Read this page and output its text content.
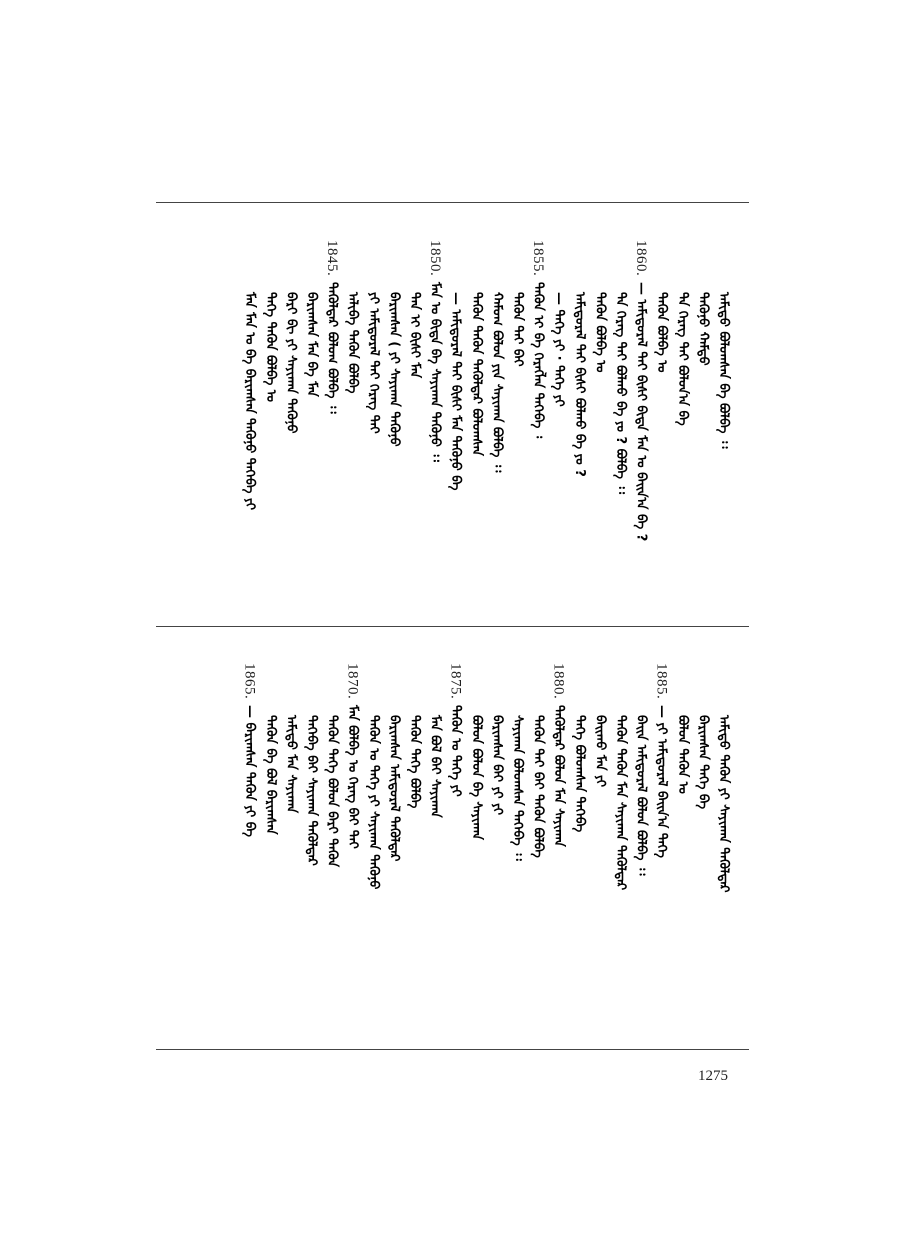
ᠠᠮᠢᠳᠤ ᠪᠣᠯᠣᠭᠰᠠᠨ ᠪᠠ ᠪᠣᠯᠪᠠ ᠄᠄
ᠲᠡᠭᠦᠨᠦ ᠬᠠᠮᠲᠤ
ᠲᠡ ᠬᠡᠷᠡᠭ ᠲᠠᠢ ᠪᠣᠯᠤᠨ᠎ᠠ ᠪᠠ
ᠲᠡᠭᠦᠨ ᠪᠣᠯᠪᠠ ᠤ
1860.
— ᠠᠮᠢᠳᠤᠷᠠᠯ ᠲᠡᠢ ᠪᠢᠰᠢ ᠪᠢᠳᠡ ᠮᠠᠨ ᠤ ᠪᠠᠢᠨ᠎ᠠ ᠪᠠ ?
ᠲᠡ ᠬᠡᠷᠡᠭ ᠲᠠᠢ ᠪᠣᠯᠬᠤ ᠪᠠ ᠶᠤ ? ᠪᠣᠯᠪᠠ ᠄᠄
ᠲᠡᠭᠦᠨ ᠪᠣᠯᠪᠠ ᠤ
ᠠᠮᠢᠳᠤᠷᠠᠯ ᠲᠡᠢ ᠪᠢᠰᠢ ᠪᠣᠯᠬᠤ ᠪᠠ ᠶᠤ ?
— ᠲᠡᠭᠡ ᠶᠢ · ᠲᠡᠭᠡ ᠶᠢ
1855.
ᠲᠡᠭᠦᠨ ᠢ ᠪᠠ ᠬᠡᠷᠡᠭᠯᠡᠨ ᠲᠡᠭᠡᠪᠡ ᠄
ᠲᠡᠭᠦᠨ ᠲᠡᠢ ᠪᠠᠢ
ᠬᠠᠮᠤᠭ ᠪᠣᠯᠣᠨ ᠶᠢᠨ ᠰᠠᠶᠢᠬᠠᠨ ᠪᠣᠯᠪᠠ ᠄᠄
ᠲᠡᠭᠦᠨ ᠲᠡᠭᠦᠨ ᠲᠡᠭᠦᠯᠳᠡᠷ ᠪᠣᠯᠣᠭᠰᠠᠨ
— ᠠᠮᠢᠳᠤᠷᠠᠯ ᠲᠡᠢ ᠪᠢᠰᠢ ᠮᠠᠨ ᠲᠡᠭᠦᠨᠦ ᠪᠠ
1850.
ᠮᠠᠨ ᠤ ᠪᠢᠳᠡ ᠪᠠ ᠰᠠᠶᠢᠬᠠᠨ ᠲᠡᠭᠦᠨᠦ ᠄᠄
ᠲᠠᠨ ᠢ ᠪᠢᠰᠢ ᠮᠠᠨ
ᠪᠠᠷᠢᠭᠰᠠᠨ ( ᠶᠢ ᠰᠠᠶᠢᠬᠠᠨ ᠲᠡᠭᠦᠨᠦ
ᠶᠢ ᠠᠮᠢᠳᠤᠷᠠᠯ ᠲᠠᠢ ᠬᠡᠷᠡᠭ ᠲᠡᠢ
ᠠᠯᠢᠪᠠ ᠲᠡᠭᠦᠨ ᠪᠣᠯᠪᠠ
1845.
ᠲᠡᠭᠦᠯᠳᠡᠷ ᠪᠣᠯᠣᠭ ᠪᠣᠯᠪᠠ ᠄᠄
ᠪᠠᠷᠢᠭᠰᠠᠨ ᠮᠠᠨ ᠪᠠ ᠮᠠᠨ
ᠪᠠᠷᠢ ᠪᠢ ᠶᠢ ᠰᠠᠶᠢᠬᠠᠨ ᠲᠡᠭᠦᠨᠦ
ᠲᠡᠭᠡ ᠲᠡᠭᠦᠨ ᠪᠣᠯᠪᠠ ᠤ
ᠮᠠᠨ ᠮᠠᠨ ᠤ ᠪᠠ ᠪᠠᠷᠢᠭᠰᠠᠨ ᠲᠡᠭᠦᠨᠦ ᠲᠡᠭᠡᠪᠡ ᠶᠢ
ᠠᠮᠢᠳᠤ ᠲᠡᠭᠦᠨ ᠶᠢ ᠰᠠᠶᠢᠬᠠᠨ ᠲᠡᠭᠦᠯᠳᠡᠷ
ᠪᠠᠷᠢᠭᠰᠠᠨ ᠲᠡᠭᠡ ᠪᠠ
ᠪᠣᠯᠣᠨ ᠲᠡᠭᠦᠨ ᠤ
1885.
— ᠶᠢ ᠠᠮᠢᠳᠤᠷᠠᠯ ᠪᠠᠢᠨ᠎ᠠ ᠲᠡᠭᠡ
ᠪᠠᠢᠨ ᠠᠮᠢᠳᠤᠷᠠᠯ ᠪᠣᠯᠣᠨ ᠪᠣᠯᠪᠠ ᠄᠄
ᠲᠡᠭᠦᠨ ᠲᠡᠭᠦᠨ ᠮᠠᠨ ᠰᠠᠶᠢᠬᠠᠨ ᠲᠡᠭᠦᠯᠳᠡᠷ
ᠪᠠᠢᠬᠤ ᠮᠠᠨ ᠶᠢ
ᠲᠡᠭᠡ ᠪᠣᠯᠣᠭᠰᠠᠨ ᠲᠡᠭᠡᠪᠡ
1880.
ᠲᠡᠭᠦᠯᠳᠡᠷ ᠪᠣᠯᠣᠨ ᠮᠠᠨ ᠰᠠᠶᠢᠬᠠᠨ
ᠲᠡᠭᠦᠨ ᠲᠡᠢ ᠪᠠᠢ ᠲᠡᠭᠦᠨ ᠪᠣᠯᠪᠠ
ᠰᠠᠶᠢᠬᠠᠨ ᠪᠣᠯᠣᠭᠰᠠᠨ ᠲᠡᠭᠡᠪᠡ ᠄᠄
ᠪᠠᠷᠢᠭᠰᠠᠨ ᠪᠠᠢ ᠶᠢ ᠶᠢ
ᠪᠣᠯᠣᠨ ᠪᠣᠯᠣᠨ ᠪᠠ ᠰᠠᠶᠢᠬᠠᠨ
1875.
ᠲᠡᠭᠦᠨ ᠤ ᠲᠡᠭᠡ ᠶᠢ
ᠮᠠᠨ ᠪᠣᠯ ᠪᠠᠢ ᠰᠠᠶᠢᠬᠠᠨ
ᠲᠡᠭᠦᠨ ᠲᠡᠭᠡ ᠪᠣᠯᠪᠠ
ᠪᠠᠷᠢᠭᠰᠠᠨ ᠠᠮᠢᠳᠤᠷᠠᠯ ᠲᠡᠭᠦᠯᠳᠡᠷ
ᠲᠡᠭᠦᠨ ᠤ ᠲᠡᠭᠡ ᠶᠢ ᠰᠠᠶᠢᠬᠠᠨ ᠲᠡᠭᠦᠨᠦ
1870.
ᠮᠠᠨ ᠪᠣᠯᠪᠠ ᠤ ᠬᠡᠷᠡᠭ ᠪᠠᠢ ᠲᠡᠢ
ᠲᠡᠭᠦᠨ ᠲᠡᠭᠡ ᠪᠣᠯᠤᠨ ᠪᠠᠷᠢ ᠲᠡᠭᠦᠨ
ᠲᠡᠭᠡᠪᠡ ᠪᠠᠢ ᠰᠠᠶᠢᠬᠠᠨ ᠲᠡᠭᠦᠯᠳᠡᠷ
ᠠᠮᠢᠳᠤ ᠮᠠᠨ ᠰᠠᠶᠢᠬᠠᠨ
ᠲᠡᠭᠦᠨ ᠪᠠ ᠪᠣᠯ ᠪᠠᠷᠢᠭᠰᠠᠨ
1865.
— ᠪᠠᠷᠢᠭᠰᠠᠨ ᠲᠡᠭᠦᠨ ᠶᠢ ᠪᠠ
1275
